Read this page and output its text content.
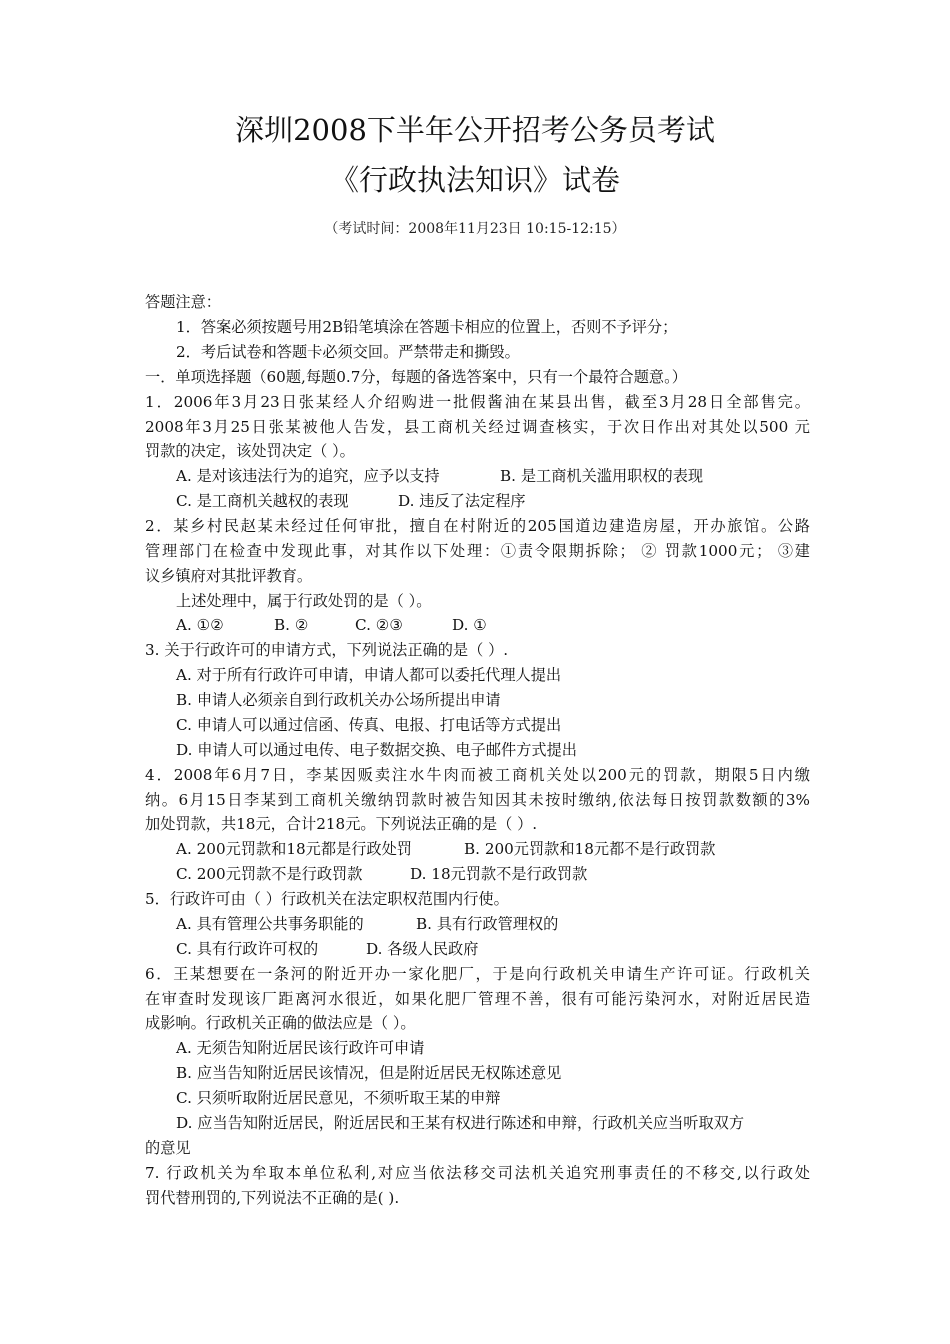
深圳2008下半年公开招考公务员考试
《行政执法知识》试卷
（考试时间：2008年11月23日 10:15-12:15）
答题注意：
1．答案必须按题号用2B铅笔填涂在答题卡相应的位置上，否则不予评分；
2．考后试卷和答题卡必须交回。严禁带走和撕毁。
一．单项选择题（60题,每题0.7分，每题的备选答案中，只有一个最符合题意。）
1．2006年3月23日张某经人介绍购进一批假酱油在某县出售，截至3月28日全部售完。
2008年3月25日张某被他人告发，县工商机关经过调查核实，于次日作出对其处以500 元
罚款的决定，该处罚决定（ ）。
A. 是对该违法行为的追究，应予以支持	B. 是工商机关滥用职权的表现
C. 是工商机关越权的表现	D. 违反了法定程序
2．某乡村民赵某未经过任何审批，擅自在村附近的205国道边建造房屋，开办旅馆。公路
管理部门在检查中发现此事，对其作以下处理：①责令限期拆除； ② 罚款1000元； ③建
议乡镇府对其批评教育。
上述处理中，属于行政处罚的是（ ）。
A. ①②	B. ②	C. ②③	D. ①
3. 关于行政许可的申请方式，下列说法正确的是（ ）.
A. 对于所有行政许可申请，申请人都可以委托代理人提出
B. 申请人必须亲自到行政机关办公场所提出申请
C. 申请人可以通过信函、传真、电报、打电话等方式提出
D. 申请人可以通过电传、电子数据交换、电子邮件方式提出
4．2008年6月7日，李某因贩卖注水牛肉而被工商机关处以200元的罚款，期限5日内缴
纳。6月15日李某到工商机关缴纳罚款时被告知因其未按时缴纳,依法每日按罚款数额的3%
加处罚款，共18元，合计218元。下列说法正确的是（ ）.
A. 200元罚款和18元都是行政处罚	B. 200元罚款和18元都不是行政罚款
C. 200元罚款不是行政罚款	D. 18元罚款不是行政罚款
5．行政许可由（ ）行政机关在法定职权范围内行使。
A. 具有管理公共事务职能的	B. 具有行政管理权的
C. 具有行政许可权的	D. 各级人民政府
6．王某想要在一条河的附近开办一家化肥厂，于是向行政机关申请生产许可证。行政机关
在审查时发现该厂距离河水很近，如果化肥厂管理不善，很有可能污染河水，对附近居民造
成影响。行政机关正确的做法应是（ ）。
A. 无须告知附近居民该行政许可申请
B. 应当告知附近居民该情况，但是附近居民无权陈述意见
C. 只须听取附近居民意见，不须听取王某的申辩
D. 应当告知附近居民，附近居民和王某有权进行陈述和申辩，行政机关应当听取双方
的意见
7. 行政机关为牟取本单位私利,对应当依法移交司法机关追究刑事责任的不移交,以行政处
罚代替刑罚的,下列说法不正确的是( ).
